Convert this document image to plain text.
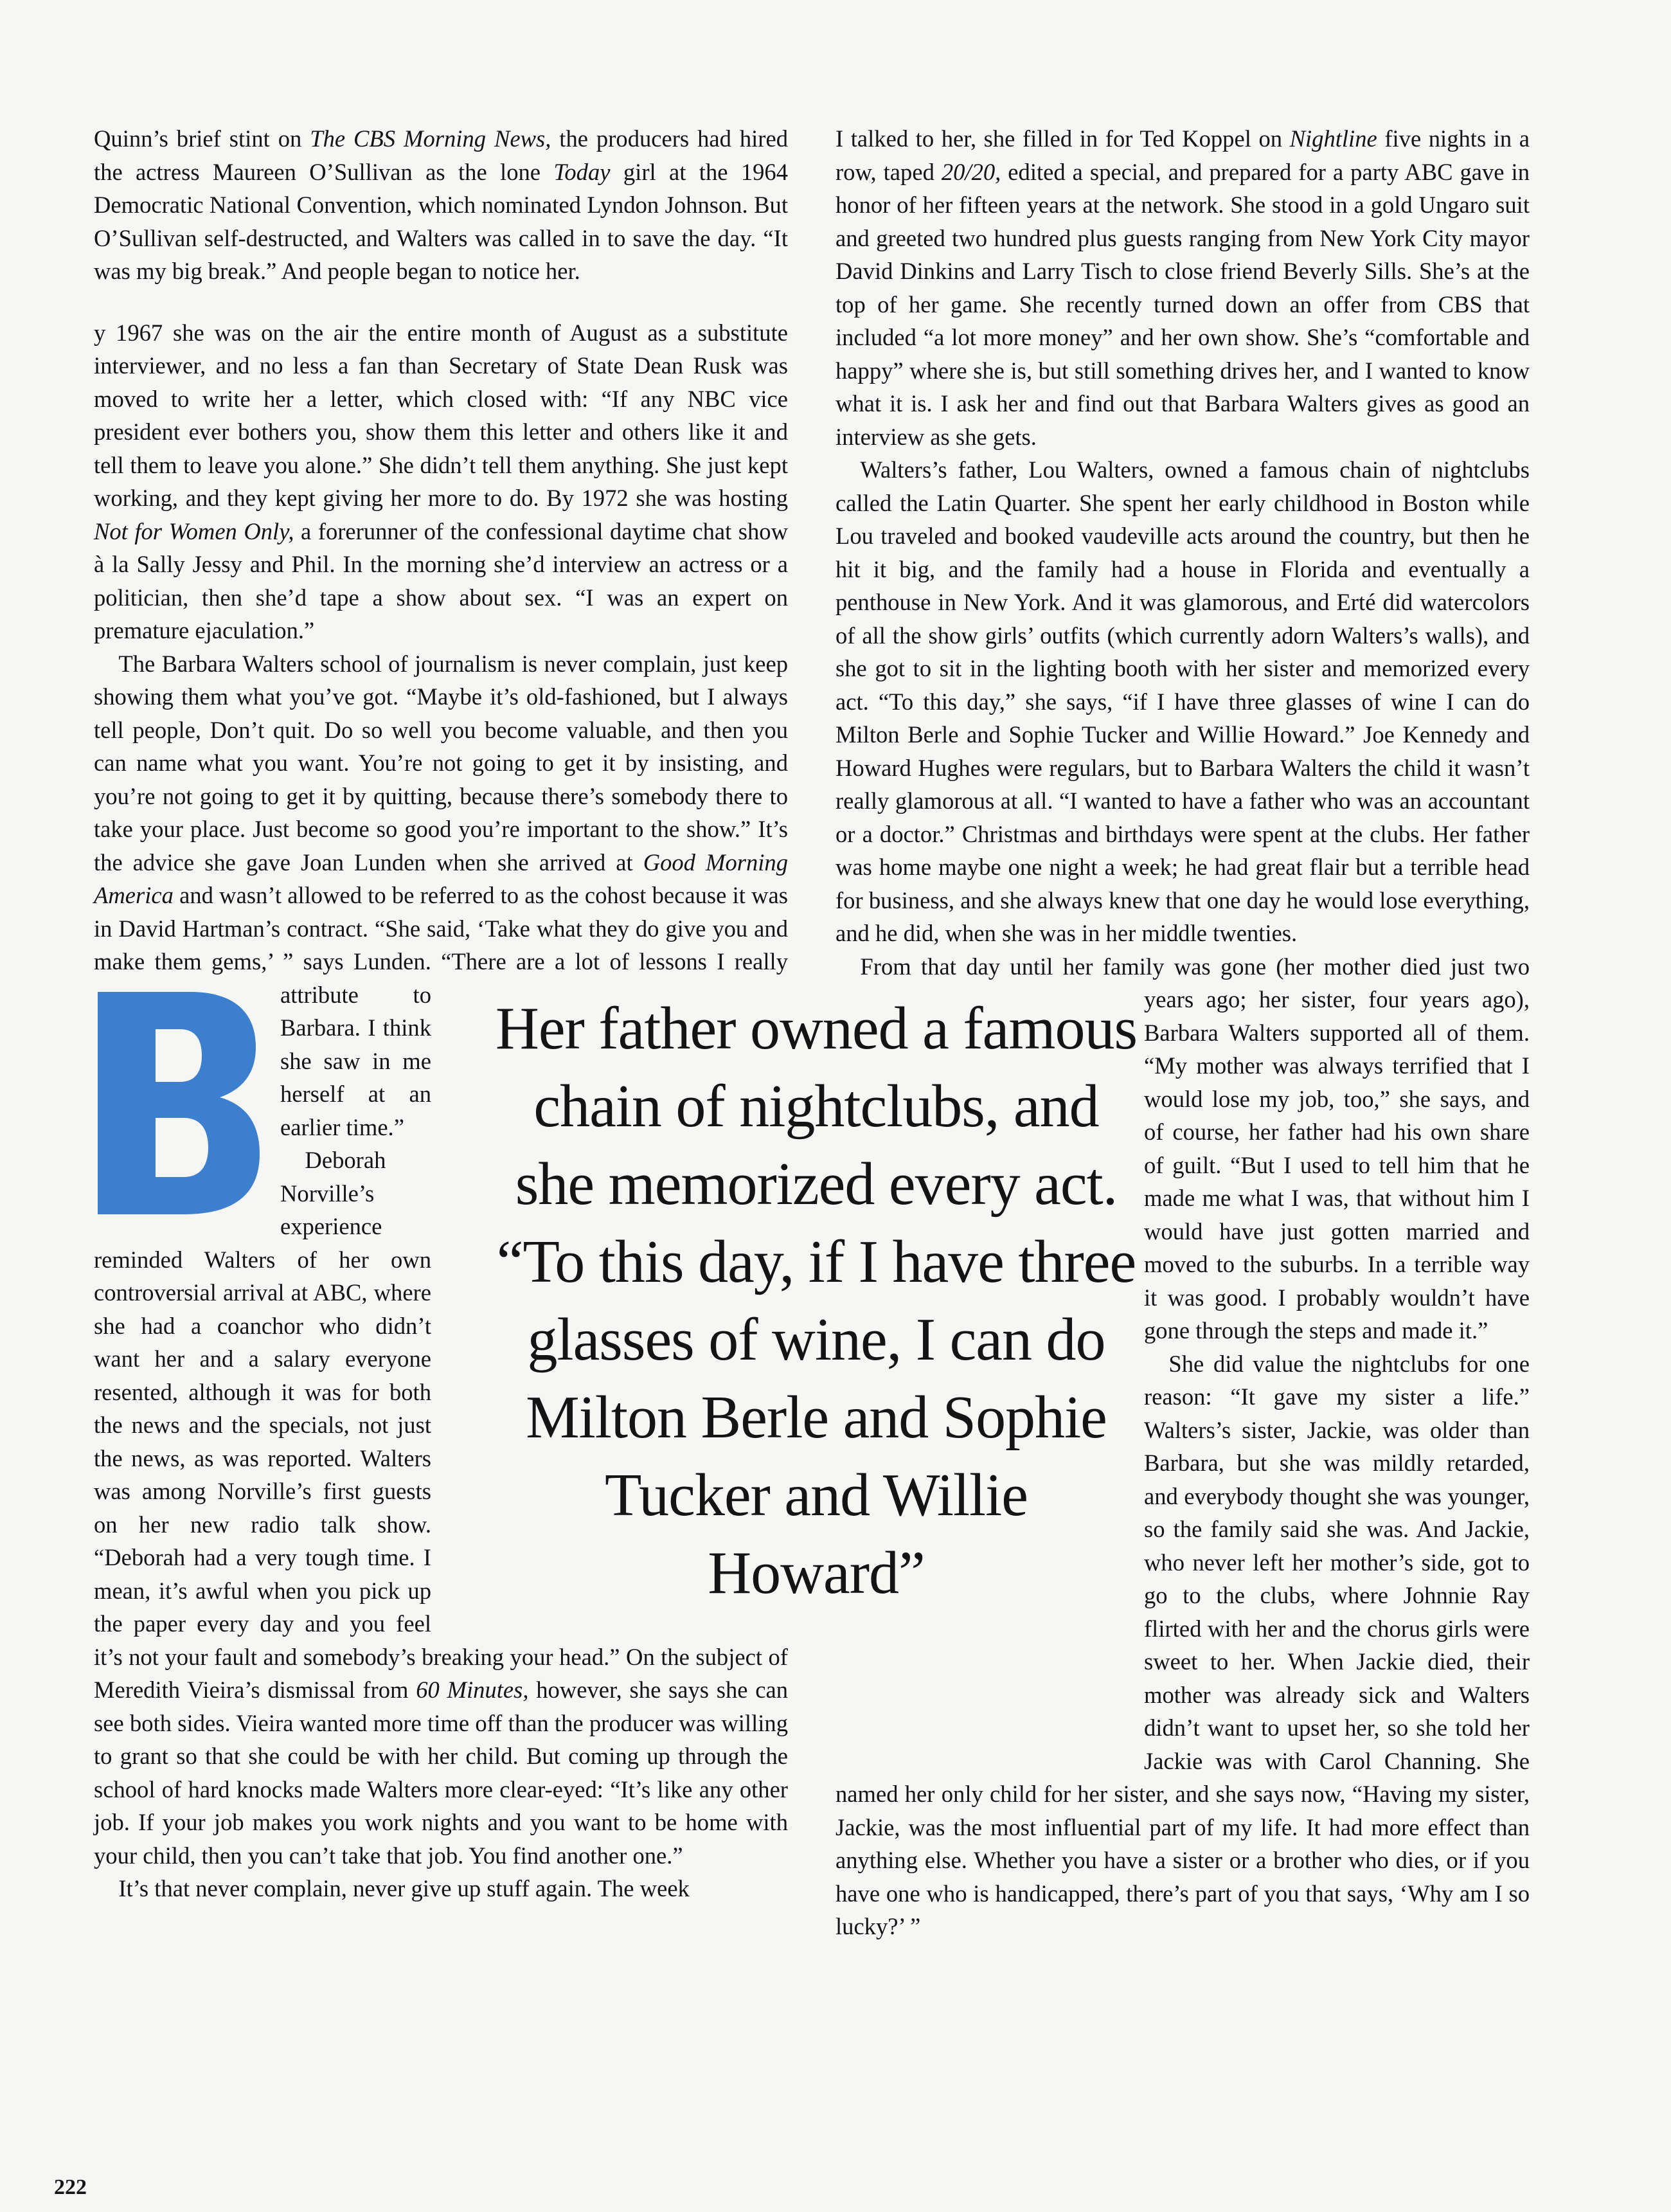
Quinn’s brief stint on The CBS Morning News, the producers had hired the actress Maureen O’Sullivan as the lone Today girl at the 1964 Democratic National Convention, which nominated Lyndon Johnson. But O’Sullivan self-destructed, and Walters was called in to save the day. “It was my big break.” And people began to notice her.

y 1967 she was on the air the entire month of August as a substitute interviewer, and no less a fan than Secretary of State Dean Rusk was moved to write her a letter, which closed with: “If any NBC vice president ever bothers you, show them this letter and others like it and tell them to leave you alone.” She didn’t tell them anything. She just kept working, and they kept giving her more to do. By 1972 she was hosting Not for Women Only, a forerunner of the confessional daytime chat show à la Sally Jessy and Phil. In the morning she’d interview an actress or a politician, then she’d tape a show about sex. “I was an expert on premature ejaculation.”

The Barbara Walters school of journalism is never complain, just keep showing them what you’ve got. “Maybe it’s old-fashioned, but I always tell people, Don’t quit. Do so well you become valuable, and then you can name what you want. You’re not going to get it by insisting, and you’re not going to get it by quitting, because there’s somebody there to take your place. Just become so good you’re important to the show.” It’s the advice she gave Joan Lunden when she arrived at Good Morning America and wasn’t allowed to be referred to as the cohost because it was in David Hartman’s contract. “She said, ‘Take what they do give you and make them gems,’ ” says Lunden. “There are a lot of lessons I really attribute to Barbara. I think she saw in me herself at an earlier time.”

Deborah Norville’s experience reminded Walters of her own controversial arrival at ABC, where she had a coanchor who didn’t want her and a salary everyone resented, although it was for both the news and the specials, not just the news, as was reported. Walters was among Norville’s first guests on her new radio talk show. “Deborah had a very tough time. I mean, it’s awful when you pick up the paper every day and you feel it’s not your fault and somebody’s breaking your head.” On the subject of Meredith Vieira’s dismissal from 60 Minutes, however, she says she can see both sides. Vieira wanted more time off than the producer was willing to grant so that she could be with her child. But coming up through the school of hard knocks made Walters more clear-eyed: “It’s like any other job. If your job makes you work nights and you want to be home with your child, then you can’t take that job. You find another one.”

It’s that never complain, never give up stuff again. The week

I talked to her, she filled in for Ted Koppel on Nightline five nights in a row, taped 20/20, edited a special, and prepared for a party ABC gave in honor of her fifteen years at the network. She stood in a gold Ungaro suit and greeted two hundred plus guests ranging from New York City mayor David Dinkins and Larry Tisch to close friend Beverly Sills. She’s at the top of her game. She recently turned down an offer from CBS that included “a lot more money” and her own show. She’s “comfortable and happy” where she is, but still something drives her, and I wanted to know what it is. I ask her and find out that Barbara Walters gives as good an interview as she gets.

Walters’s father, Lou Walters, owned a famous chain of nightclubs called the Latin Quarter. She spent her early childhood in Boston while Lou traveled and booked vaudeville acts around the country, but then he hit it big, and the family had a house in Florida and eventually a penthouse in New York. And it was glamorous, and Erté did watercolors of all the show girls’ outfits (which currently adorn Walters’s walls), and she got to sit in the lighting booth with her sister and memorized every act. “To this day,” she says, “if I have three glasses of wine I can do Milton Berle and Sophie Tucker and Willie Howard.” Joe Kennedy and Howard Hughes were regulars, but to Barbara Walters the child it wasn’t really glamorous at all. “I wanted to have a father who was an accountant or a doctor.” Christmas and birthdays were spent at the clubs. Her father was home maybe one night a week; he had great flair but a terrible head for business, and she always knew that one day he would lose everything, and he did, when she was in her middle twenties.

From that day until her family was gone (her mother died just two years ago; her sister, four years ago), Barbara Walters supported all of them. “My mother was always terrified that I would lose my job, too,” she says, and of course, her father had his own share of guilt. “But I used to tell him that he made me what I was, that without him I would have just gotten married and moved to the suburbs. In a terrible way it was good. I probably wouldn’t have gone through the steps and made it.”

She did value the nightclubs for one reason: “It gave my sister a life.” Walters’s sister, Jackie, was older than Barbara, but she was mildly retarded, and everybody thought she was younger, so the family said she was. And Jackie, who never left her mother’s side, got to go to the clubs, where Johnnie Ray flirted with her and the chorus girls were sweet to her. When Jackie died, their mother was already sick and Walters didn’t want to upset her, so she told her Jackie was with Carol Channing. She named her only child for her sister, and she says now, “Having my sister, Jackie, was the most influential part of my life. It had more effect than anything else. Whether you have a sister or a brother who dies, or if you have one who is handicapped, there’s part of you that says, ‘Why am I so lucky?’ ”

Her father owned a famous chain of nightclubs, and she memorized every act. “To this day, if I have three glasses of wine, I can do Milton Berle and Sophie Tucker and Willie Howard”
222
